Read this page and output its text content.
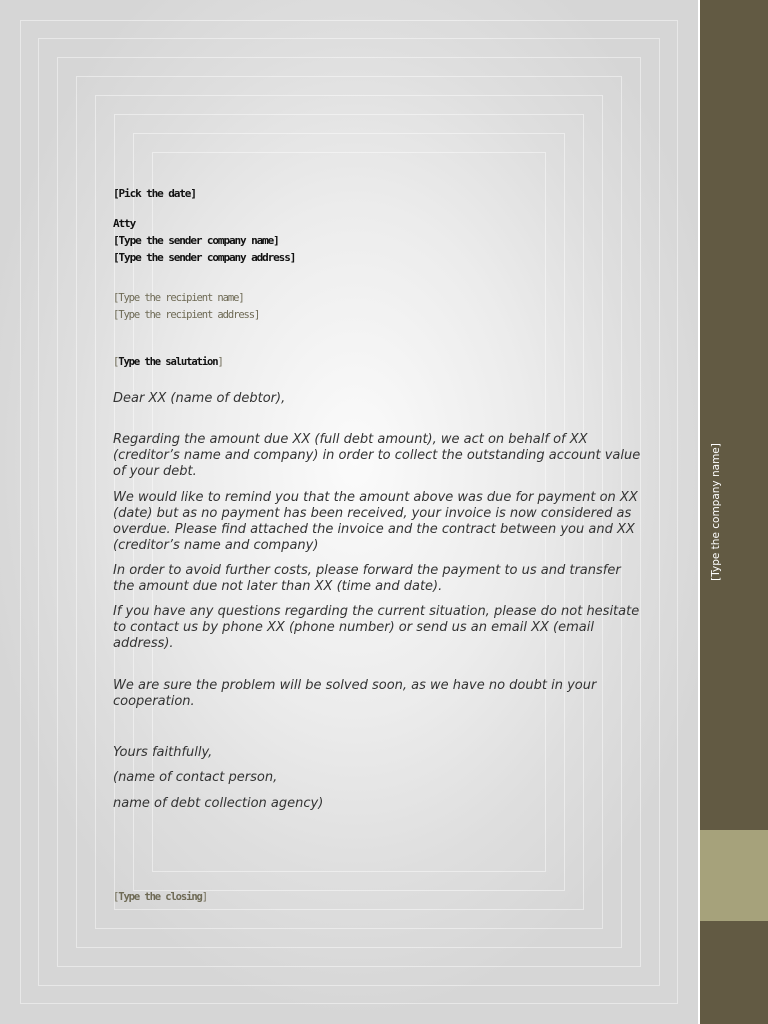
[Pick the date]
Atty
[Type the sender company name]
[Type the sender company address]
[Type the recipient name]
[Type the recipient address]
[Type the salutation]

Dear XX (name of debtor),

Regarding the amount due XX (full debt amount), we act on behalf of XX (creditor’s name and company) in order to collect the outstanding account value of your debt.

We would like to remind you that the amount above was due for payment on XX (date) but as no payment has been received, your invoice is now considered as overdue. Please find attached the invoice and the contract between you and XX (creditor’s name and company)

In order to avoid further costs, please forward the payment to us and transfer the amount due not later than XX (time and date).

If you have any questions regarding the current situation, please do not hesitate to contact us by phone XX (phone number) or send us an email XX (email address).

We are sure the problem will be solved soon, as we have no doubt in your cooperation.

Yours faithfully,

(name of contact person,

name of debt collection agency)

[Type the closing]
[Type the company name]
